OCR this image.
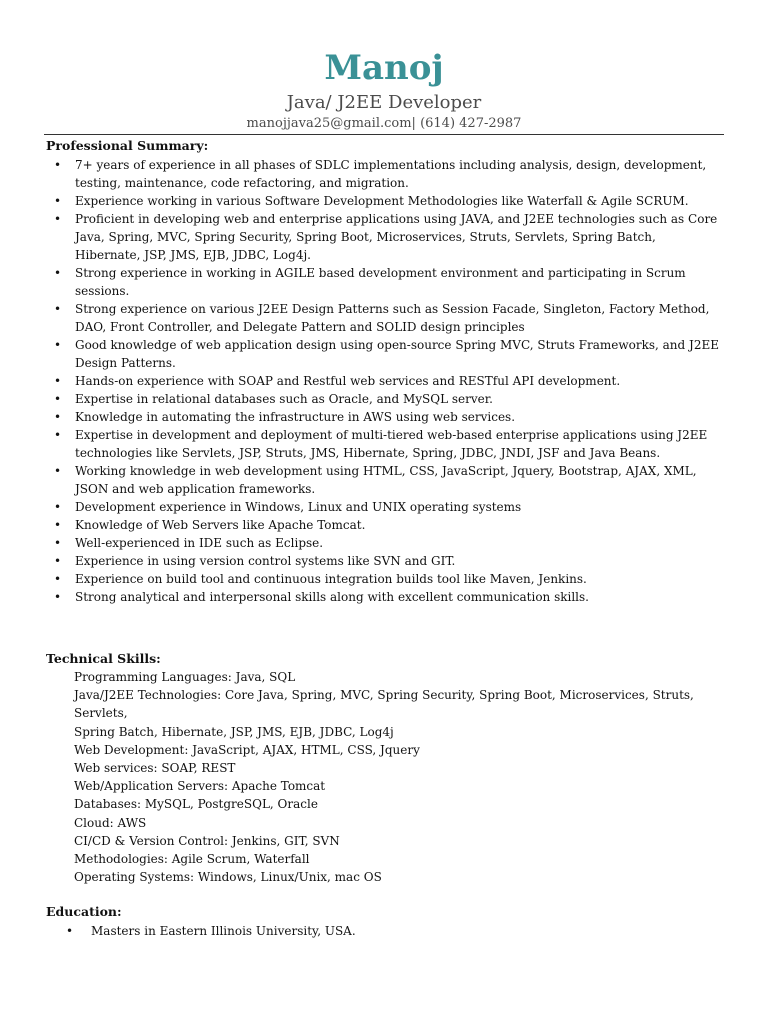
Manoj
Java/ J2EE Developer
manojjava25@gmail.com| (614) 427-2987
Professional Summary:
• 7+ years of experience in all phases of SDLC implementations including analysis, design, development, testing, maintenance, code refactoring, and migration.
• Experience working in various Software Development Methodologies like Waterfall & Agile SCRUM.
• Proficient in developing web and enterprise applications using JAVA, and J2EE technologies such as Core Java, Spring, MVC, Spring Security, Spring Boot, Microservices, Struts, Servlets, Spring Batch, Hibernate, JSP, JMS, EJB, JDBC, Log4j.
• Strong experience in working in AGILE based development environment and participating in Scrum sessions.
• Strong experience on various J2EE Design Patterns such as Session Facade, Singleton, Factory Method, DAO, Front Controller, and Delegate Pattern and SOLID design principles
• Good knowledge of web application design using open-source Spring MVC, Struts Frameworks, and J2EE Design Patterns.
• Hands-on experience with SOAP and Restful web services and RESTful API development.
• Expertise in relational databases such as Oracle, and MySQL server.
• Knowledge in automating the infrastructure in AWS using web services.
• Expertise in development and deployment of multi-tiered web-based enterprise applications using J2EE technologies like Servlets, JSP, Struts, JMS, Hibernate, Spring, JDBC, JNDI, JSF and Java Beans.
• Working knowledge in web development using HTML, CSS, JavaScript, Jquery, Bootstrap, AJAX, XML, JSON and web application frameworks.
• Development experience in Windows, Linux and UNIX operating systems
• Knowledge of Web Servers like Apache Tomcat.
• Well-experienced in IDE such as Eclipse.
• Experience in using version control systems like SVN and GIT.
• Experience on build tool and continuous integration builds tool like Maven, Jenkins.
• Strong analytical and interpersonal skills along with excellent communication skills.
Technical Skills:
Programming Languages: Java, SQL
Java/J2EE Technologies: Core Java, Spring, MVC, Spring Security, Spring Boot, Microservices, Struts, Servlets,
Spring Batch, Hibernate, JSP, JMS, EJB, JDBC, Log4j
Web Development: JavaScript, AJAX, HTML, CSS, Jquery
Web services: SOAP, REST
Web/Application Servers: Apache Tomcat
Databases: MySQL, PostgreSQL, Oracle
Cloud: AWS
CI/CD & Version Control: Jenkins, GIT, SVN
Methodologies: Agile Scrum, Waterfall
Operating Systems: Windows, Linux/Unix, mac OS
Education:
• Masters in Eastern Illinois University, USA.
